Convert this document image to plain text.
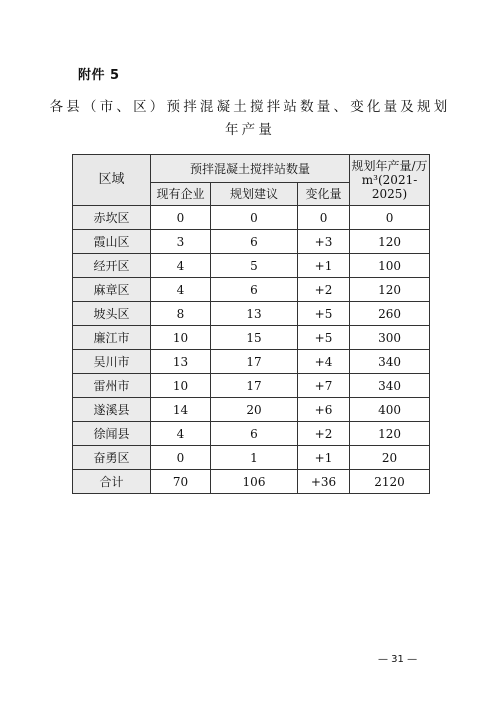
附件 5
各县（市、区）预拌混凝土搅拌站数量、变化量及规划
年产量
区域	预拌混凝土搅拌站数量			规划年产量/万
m³(2021-2025)
	现有企业	规划建议	变化量	
赤坎区	0	0	0	0
霞山区	3	6	+3	120
经开区	4	5	+1	100
麻章区	4	6	+2	120
坡头区	8	13	+5	260
廉江市	10	15	+5	300
吴川市	13	17	+4	340
雷州市	10	17	+7	340
遂溪县	14	20	+6	400
徐闻县	4	6	+2	120
奋勇区	0	1	+1	20
合计	70	106	+36	2120
— 31 —
